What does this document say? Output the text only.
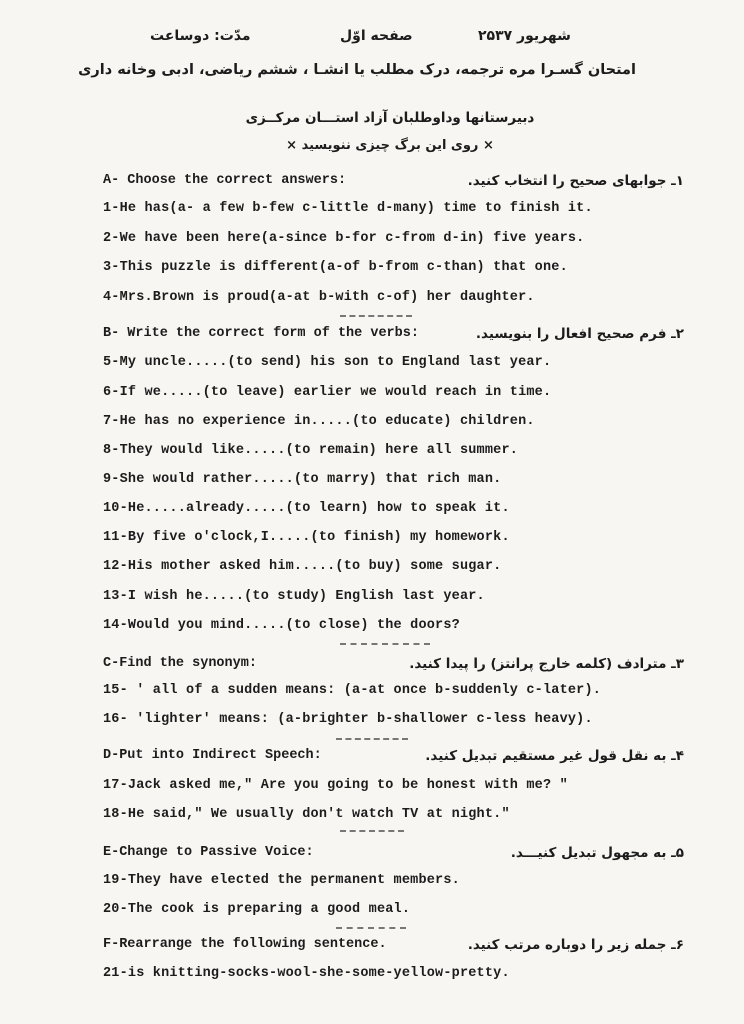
شهریور ۲۵۳۷
صفحه اوّل
مدّت: دوساعت
امتحان گسـرا مره ترجمه، درک مطلب یا انشـا ، ششم ریاضی، ادبی وخانه داری
دبیرستانها وداوطلبان آزاد استـــان مرکــزی
× روی این برگ چیزی ننویسید ×
A- Choose the correct answers:	۱ـ جوابهای صحیح را انتخاب کنید.
1-He has(a- a few b-few c-little d-many) time to finish it.
2-We have been here(a-since b-for c-from d-in) five years.
3-This puzzle is different(a-of b-from c-than) that one.
4-Mrs.Brown is proud(a-at b-with c-of) her daughter.
B- Write the correct form of the verbs:	۲ـ فرم صحیح افعال را بنویسید.
5-My uncle.....(to send) his son to England last year.
6-If we.....(to leave) earlier we would reach in time.
7-He has no experience in.....(to educate) children.
8-They would like.....(to remain) here all summer.
9-She would rather.....(to marry) that rich man.
10-He.....already.....(to learn) how to speak it.
11-By five o'clock,I.....(to finish) my homework.
12-His mother asked him.....(to buy) some sugar.
13-I wish he.....(to study) English last year.
14-Would you mind.....(to close) the doors?
C-Find the synonym:	۳ـ مترادف (کلمه خارج پرانتز) را پیدا کنید.
15- ' all of a sudden means: (a-at once b-suddenly c-later).
16- 'lighter' means: (a-brighter b-shallower c-less heavy).
D-Put into Indirect Speech:	۴ـ به نقل قول غیر مستقیم تبدیل کنید.
17-Jack asked me," Are you going to be honest with me? "
18-He said," We usually don't watch TV at night."
E-Change to Passive Voice:	۵ـ به مجهول تبدیل کنیـــد.
19-They have elected the permanent members.
20-The cook is preparing a good meal.
F-Rearrange the following sentence.	۶ـ جمله زیر را دوباره مرتب کنید.
21-is knitting-socks-wool-she-some-yellow-pretty.
